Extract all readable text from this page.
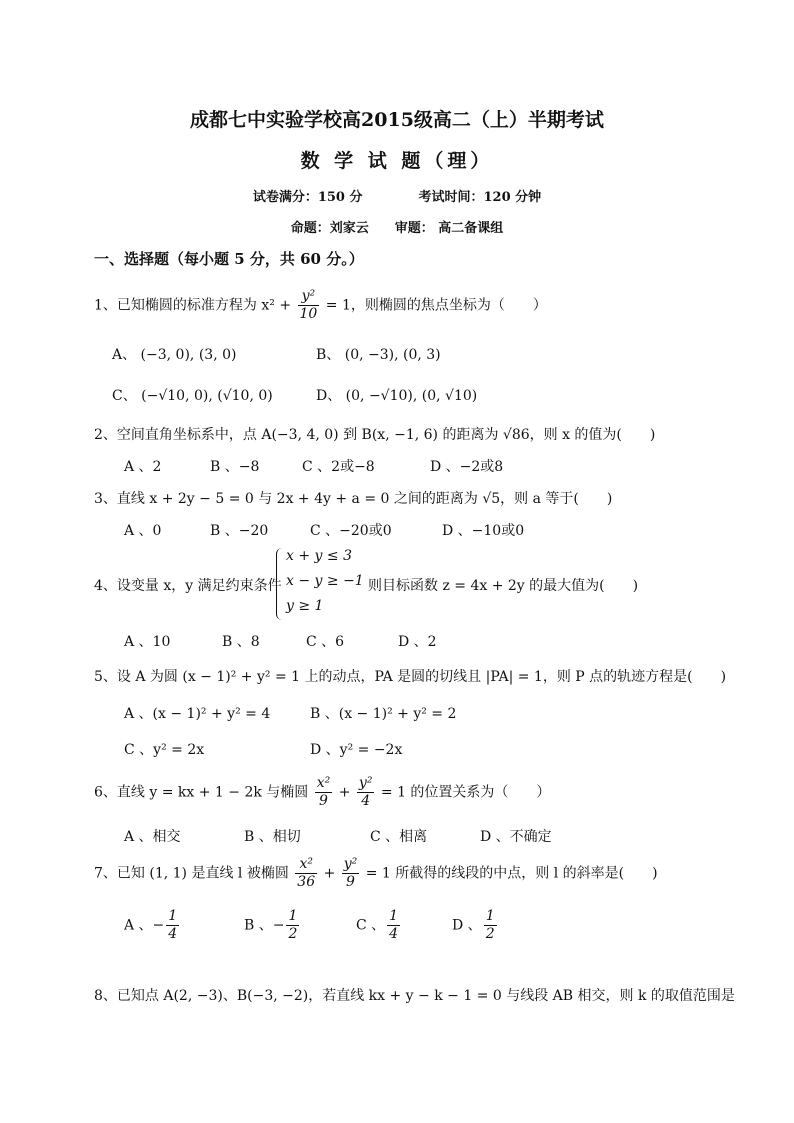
成都七中实验学校高2015级高二（上）半期考试
数 学 试 题（理）
试卷满分：150 分	考试时间：120 分钟
命题：刘家云 审题： 高二备课组
一、选择题（每小题 5 分，共 60 分。）
1、已知椭圆的标准方程为 $x^2 + \frac{\text{y²}}{10} = 1$，则椭圆的焦点坐标为（　　）
A、 (−3, 0), (3, 0)	B、 (0, −3), (0, 3)
C、 (−√10, 0), (√10, 0)	D、 (0, −√10), (0, √10)
2、空间直角坐标系中，点 A(−3, 4, 0) 到 B(x, −1, 6) 的距离为 √86，则 x 的值为(　　)
A 、2	B 、−8	C 、2或−8	D 、−2或8
3、直线 x + 2y − 5 = 0 与 2x + 4y + a = 0 之间的距离为 √5，则 a 等于(　　)
A 、0	B 、−20	C 、−20或0	D 、−10或0
4、设变量 x，y 满足约束条件
x + y ≤ 3
x − y ≥ −1
y ≥ 1
则目标函数 z = 4x + 2y 的最大值为(　　)
A 、10	B 、8	C 、6	D 、2
5、设 A 为圆 (x − 1)² + y² = 1 上的动点，PA 是圆的切线且 |PA| = 1，则 P 点的轨迹方程是(　　)
A 、(x − 1)² + y² = 4	B 、(x − 1)² + y² = 2
C 、y² = 2x	D 、y² = −2x
6、直线 y = kx + 1 − 2k 与椭圆 $\frac{\text{x²}}{9} + \frac{\text{y²}}{4} = 1$ 的位置关系为（　　）
A 、相交	B 、相切	C 、相离	D 、不确定
7、已知 (1, 1) 是直线 l 被椭圆 $\frac{\text{x²}}{36} + \frac{\text{y²}}{9} = 1$ 所截得的线段的中点，则 l 的斜率是(　　)
A 、− $\frac{1}{4}$	B 、− $\frac{1}{2}$	C 、 $\frac{1}{4}$	D 、 $\frac{1}{2}$
8、已知点 A(2, −3)、B(−3, −2)，若直线 kx + y − k − 1 = 0 与线段 AB 相交，则 k 的取值范围是
